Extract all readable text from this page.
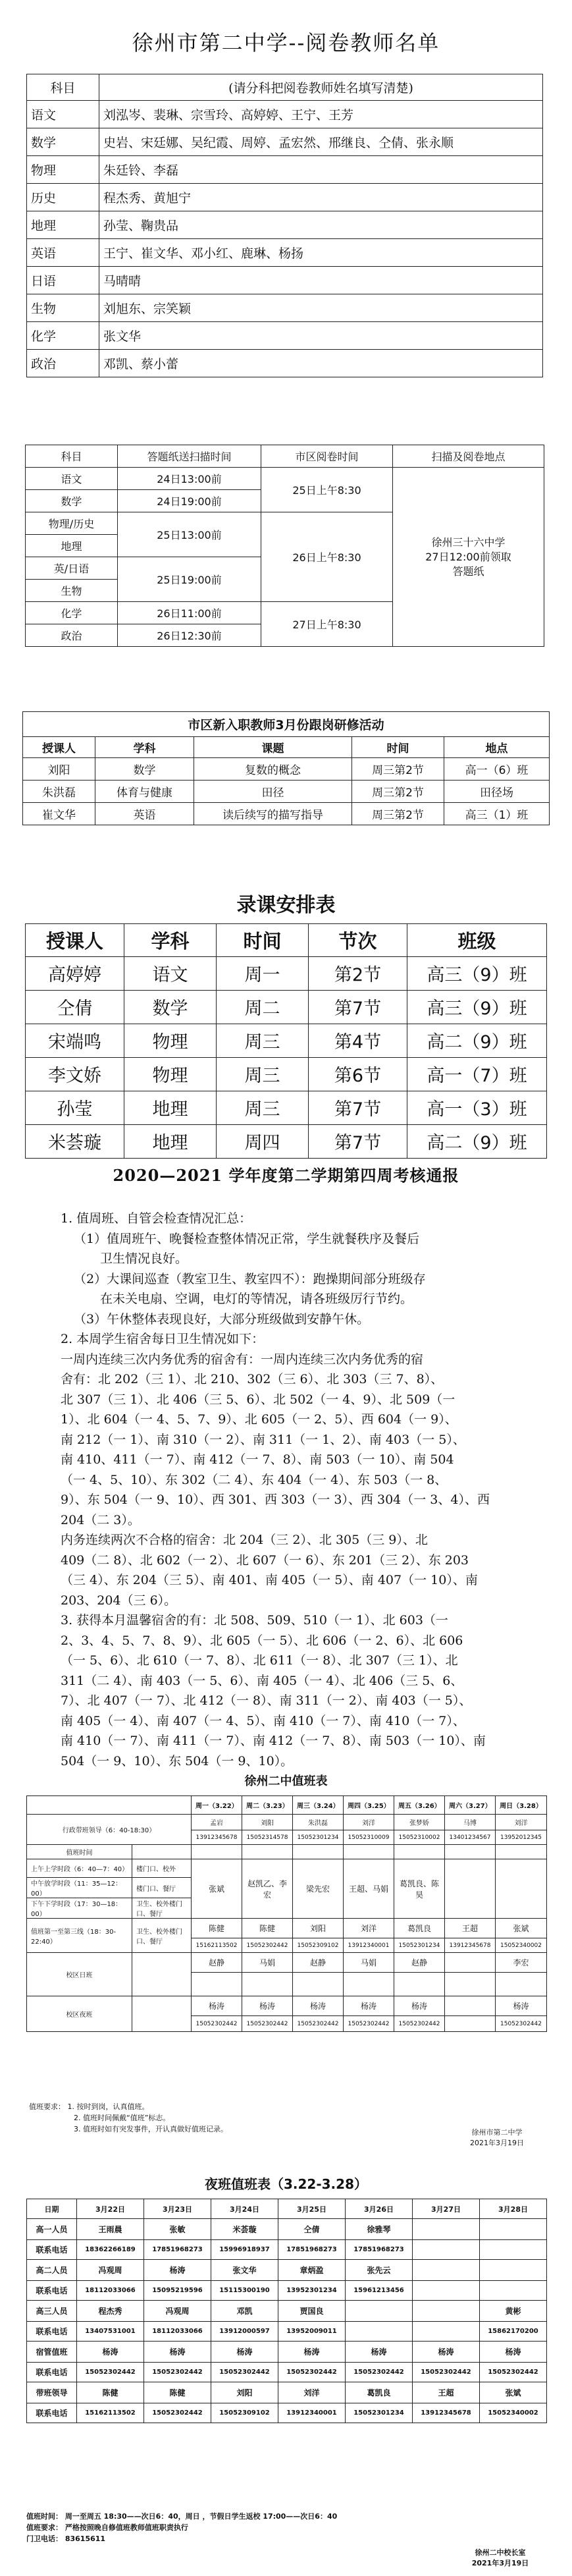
徐州市第二中学--阅卷教师名单
科目	(请分科把阅卷教师姓名填写清楚)
语文	刘泓岑、裴琳、宗雪玲、高婷婷、王宁、王芳
数学	史岩、宋廷娜、吴纪霞、周婷、孟宏然、邢继良、仝倩、张永顺
物理	朱廷铃、李磊
历史	程杰秀、黄旭宁
地理	孙莹、鞠贵品
英语	王宁、崔文华、邓小红、鹿琳、杨扬
日语	马晴晴
生物	刘旭东、宗笑颖
化学	张文华
政治	邓凯、蔡小蕾
科目	答题纸送扫描时间	市区阅卷时间	扫描及阅卷地点
语文	24日13:00前	25日上午8:30	徐州三十六中学
27日12:00前领取
答题纸

数学	24日19:00前		
物理/历史	25日13:00前	26日上午8:30	
地理			
英/日语	25日19:00前		
生物			
化学	26日11:00前	27日上午8:30	
政治	26日12:30前		
市区新入职教师3月份跟岗研修活动				
授课人	学科	课题	时间	地点
刘阳	数学	复数的概念	周三第2节	高一（6）班
朱洪磊	体育与健康	田径	周三第2节	田径场
崔文华	英语	读后续写的描写指导	周三第2节	高三（1）班
录课安排表				
授课人	学科	时间	节次	班级
高婷婷	语文	周一	第2节	高三（9）班
仝倩	数学	周二	第7节	高三（9）班
宋端鸣	物理	周三	第4节	高二（9）班
李文娇	物理	周三	第6节	高一（7）班
孙莹	地理	周三	第7节	高一（3）班
米荟璇	地理	周四	第7节	高二（9）班
2020—2021 学年度第二学期第四周考核通报

1. 值周班、自管会检查情况汇总：

（1）值周班午、晚餐检查整体情况正常，学生就餐秩序及餐后

卫生情况良好。

（2）大课间巡查（教室卫生、教室四不）：跑操期间部分班级存

在未关电扇、空调，电灯的等情况，请各班级厉行节约。

（3）午休整体表现良好，大部分班级做到安静午休。

2. 本周学生宿舍每日卫生情况如下：

一周内连续三次内务优秀的宿舍有：一周内连续三次内务优秀的宿

舍有：北 202（三 1）、北 210、302（三 6）、北 303（三 7、8）、

北 307（三 1）、北 406（三 5、6）、北 502（一 4、9）、北 509（一

1）、北 604（一 4、5、7、9）、北 605（一 2、5）、西 604（一 9）、

南 212（一 1）、南 310（一 2）、南 311（一 1、2）、南 403（一 5）、

南 410、411（一 7）、南 412（一 7、8）、南 503（一 10）、南 504

（一 4、5、10）、东 302（二 4）、东 404（一 4）、东 503（一 8、

9）、东 504（一 9、10）、西 301、西 303（一 3）、西 304（一 3、4）、西

204（二 3）。

内务连续两次不合格的宿舍：北 204（三 2）、北 305（三 9）、北

409（二 8）、北 602（一 2）、北 607（一 6）、东 201（三 2）、东 203

（三 4）、东 204（三 5）、南 401、南 405（一 5）、南 407（一 10）、南

203、204（三 6）。

3. 获得本月温馨宿舍的有：北 508、509、510（一 1）、北 603（一

2、3、4、5、7、8、9）、北 605（一 5）、北 606（一 2、6）、北 606

（一 5、6）、北 610（一 7、8）、北 611（一 8）、北 307（三 1）、北

311（二 4）、南 403（一 5、6）、南 405（一 4）、北 406（三 5、6、

7）、北 407（一 7）、北 412（一 8）、南 311（一 2）、南 403（一 5）、

南 405（一 4）、南 407（一 4、5）、南 410（一 7）、南 410（一 7）、

南 410（一 7）、南 411（一 7）、南 412（一 7、8）、南 503（一 10）、南

504（一 9、10）、东 504（一 9、10）。

徐州二中值班表
		周一（3.22）	周二（3.23）	周三（3.24）	周四（3.25）	周五（3.26）	周六（3.27）	周日（3.28）
行政带班领导（6：40-18:30）		孟岩	刘阳	朱洪磊	刘洋	张梦娇	马博	刘洋
		13912345678	15052314578	15052301234	15052310009	15052310002	13401234567	13952012345
值班时间								
上午上学时段（6：40—7：40）	楼门口、校外	张斌	赵凯乙、李宏	梁先宏	王超、马娟	葛凯良、陈昊		
中午放学时段（11：35—12：00）	楼门口、餐厅							
下午下学时段（17：30—18：00）	卫生、校外楼门口、餐厅							
值班第一至第三线（18：30-22:40）	卫生、校外楼门口、餐厅	陈健	陈健	刘阳	刘洋	葛凯良	王超	张斌
		15162113502	15052302442	15052309102	13912340001	15052301234	13912345678	15052340002
校区日班		赵静	马娟	赵静	马娟	赵静		李宏

校区夜班		杨涛	杨涛	杨涛	杨涛	杨涛		杨涛
		15052302442	15052302442	15052302442	15052302442	15052302442		15052302442
值班要求： 1. 按时到岗，认真值班。
2. 值班时间佩戴“值班”标志。
3. 值班时如有突发事件，开认真做好值班记录。	徐州市第二中学
2021年3月19日
夜班值班表（3.22-3.28）
日期	3月22日	3月23日	3月24日	3月25日	3月26日	3月27日	3月28日
高一人员	王雨晨	张敏	米荟璇	仝倩	徐雅琴		
联系电话	18362266189	17851968273	15996918937	17851968273	17851968273		
高二人员	冯观周	杨涛	张文华	章炳盈	张先云		
联系电话	18112033066	15095219596	15115300190	13952301234	15961213456		
高三人员	程杰秀	冯观周	邓凯	贾国良			黄彬
联系电话	13407531001	18112033066	13912000597	13952009011			15862170200
宿管值班	杨涛	杨涛	杨涛	杨涛	杨涛	杨涛	杨涛
联系电话	15052302442	15052302442	15052302442	15052302442	15052302442	15052302442	15052302442
带班领导	陈健	陈健	刘阳	刘洋	葛凯良	王超	张斌
联系电话	15162113502	15052302442	15052309102	13912340001	15052301234	13912345678	15052340002
值班时间： 周一至周五 18:30——次日6：40，周日 ，节假日学生返校 17:00——次日6：40
值班要求： 严格按照晚自修值班教师值班职责执行
门卫电话： 83615611
徐州二中校长室
2021年3月19日
